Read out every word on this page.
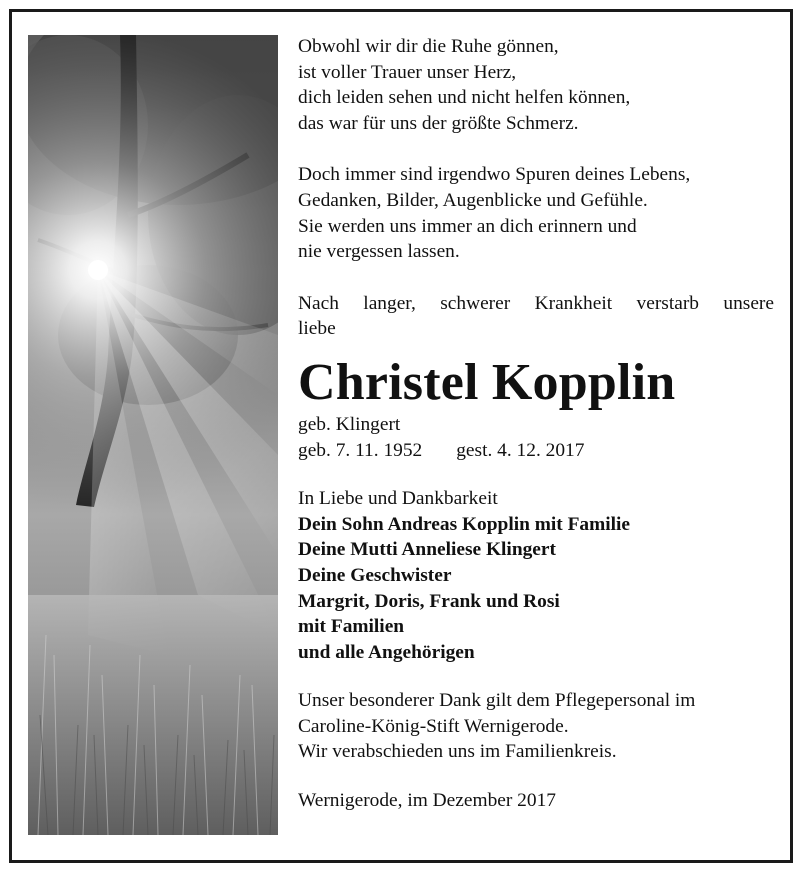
Obwohl wir dir die Ruhe gönnen,
ist voller Trauer unser Herz,
dich leiden sehen und nicht helfen können,
das war für uns der größte Schmerz.
Doch immer sind irgendwo Spuren deines Lebens,
Gedanken, Bilder, Augenblicke und Gefühle.
Sie werden uns immer an dich erinnern und
nie vergessen lassen.
Nach langer, schwerer Krankheit verstarb unsere
liebe
Christel Kopplin
geb. Klingert
geb. 7. 11. 1952 gest. 4. 12. 2017
In Liebe und Dankbarkeit
Dein Sohn Andreas Kopplin mit Familie
Deine Mutti Anneliese Klingert
Deine Geschwister
Margrit, Doris, Frank und Rosi
mit Familien
und alle Angehörigen
Unser besonderer Dank gilt dem Pflegepersonal im
Caroline-König-Stift Wernigerode.
Wir verabschieden uns im Familienkreis.
Wernigerode, im Dezember 2017
